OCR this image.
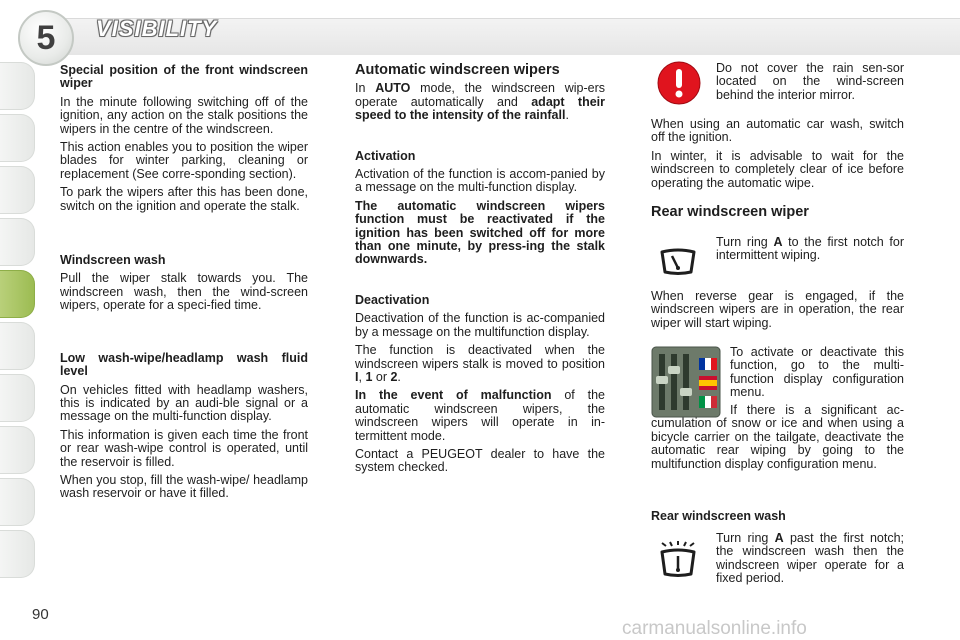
5	VISIBILITY

Special position of the front windscreen wiper

In the minute following switching off of the ignition, any action on the stalk positions the wipers in the centre of the windscreen.

This action enables you to position the wiper blades for winter parking, cleaning or replacement (See corre-sponding section).

To park the wipers after this has been done, switch on the ignition and operate the stalk.

Windscreen wash

Pull the wiper stalk towards you. The windscreen wash, then the wind-screen wipers, operate for a speci-fied time.

Low wash-wipe/headlamp wash fluid level

On vehicles fitted with headlamp washers, this is indicated by an audi-ble signal or a message on the multi-function display.

This information is given each time the front or rear wash-wipe control is operated, until the reservoir is filled.

When you stop, fill the wash-wipe/ headlamp wash reservoir or have it filled.

Automatic windscreen wipers

In AUTO mode, the windscreen wip-ers operate automatically and adapt their speed to the intensity of the rainfall.

Activation

Activation of the function is accom-panied by a message on the multi-function display.

The automatic windscreen wipers function must be reactivated if the ignition has been switched off for more than one minute, by press-ing the stalk downwards.

Deactivation

Deactivation of the function is ac-companied by a message on the multifunction display.

The function is deactivated when the windscreen wipers stalk is moved to position I, 1 or 2.

In the event of malfunction of the automatic windscreen wipers, the windscreen wipers will operate in in-termittent mode.

Contact a PEUGEOT dealer to have the system checked.

Do not cover the rain sen-sor located on the wind-screen behind the interior mirror.

When using an automatic car wash, switch off the ignition.

In winter, it is advisable to wait for the windscreen to completely clear of ice before operating the automatic wipe.

Rear windscreen wiper

Turn ring A to the first notch for intermittent wiping.

When reverse gear is engaged, if the windscreen wipers are in operation, the rear wiper will start wiping.

To activate or deactivate this function, go to the multi-function display configuration menu.

If there is a significant ac-cumulation of snow or ice and when using a bicycle carrier on the tailgate, deactivate the automatic rear wiping by going to the multifunction display configuration menu.

Rear windscreen wash

Turn ring A past the first notch; the windscreen wash then the windscreen wiper operate for a fixed period.

90
carmanualsonline.info
